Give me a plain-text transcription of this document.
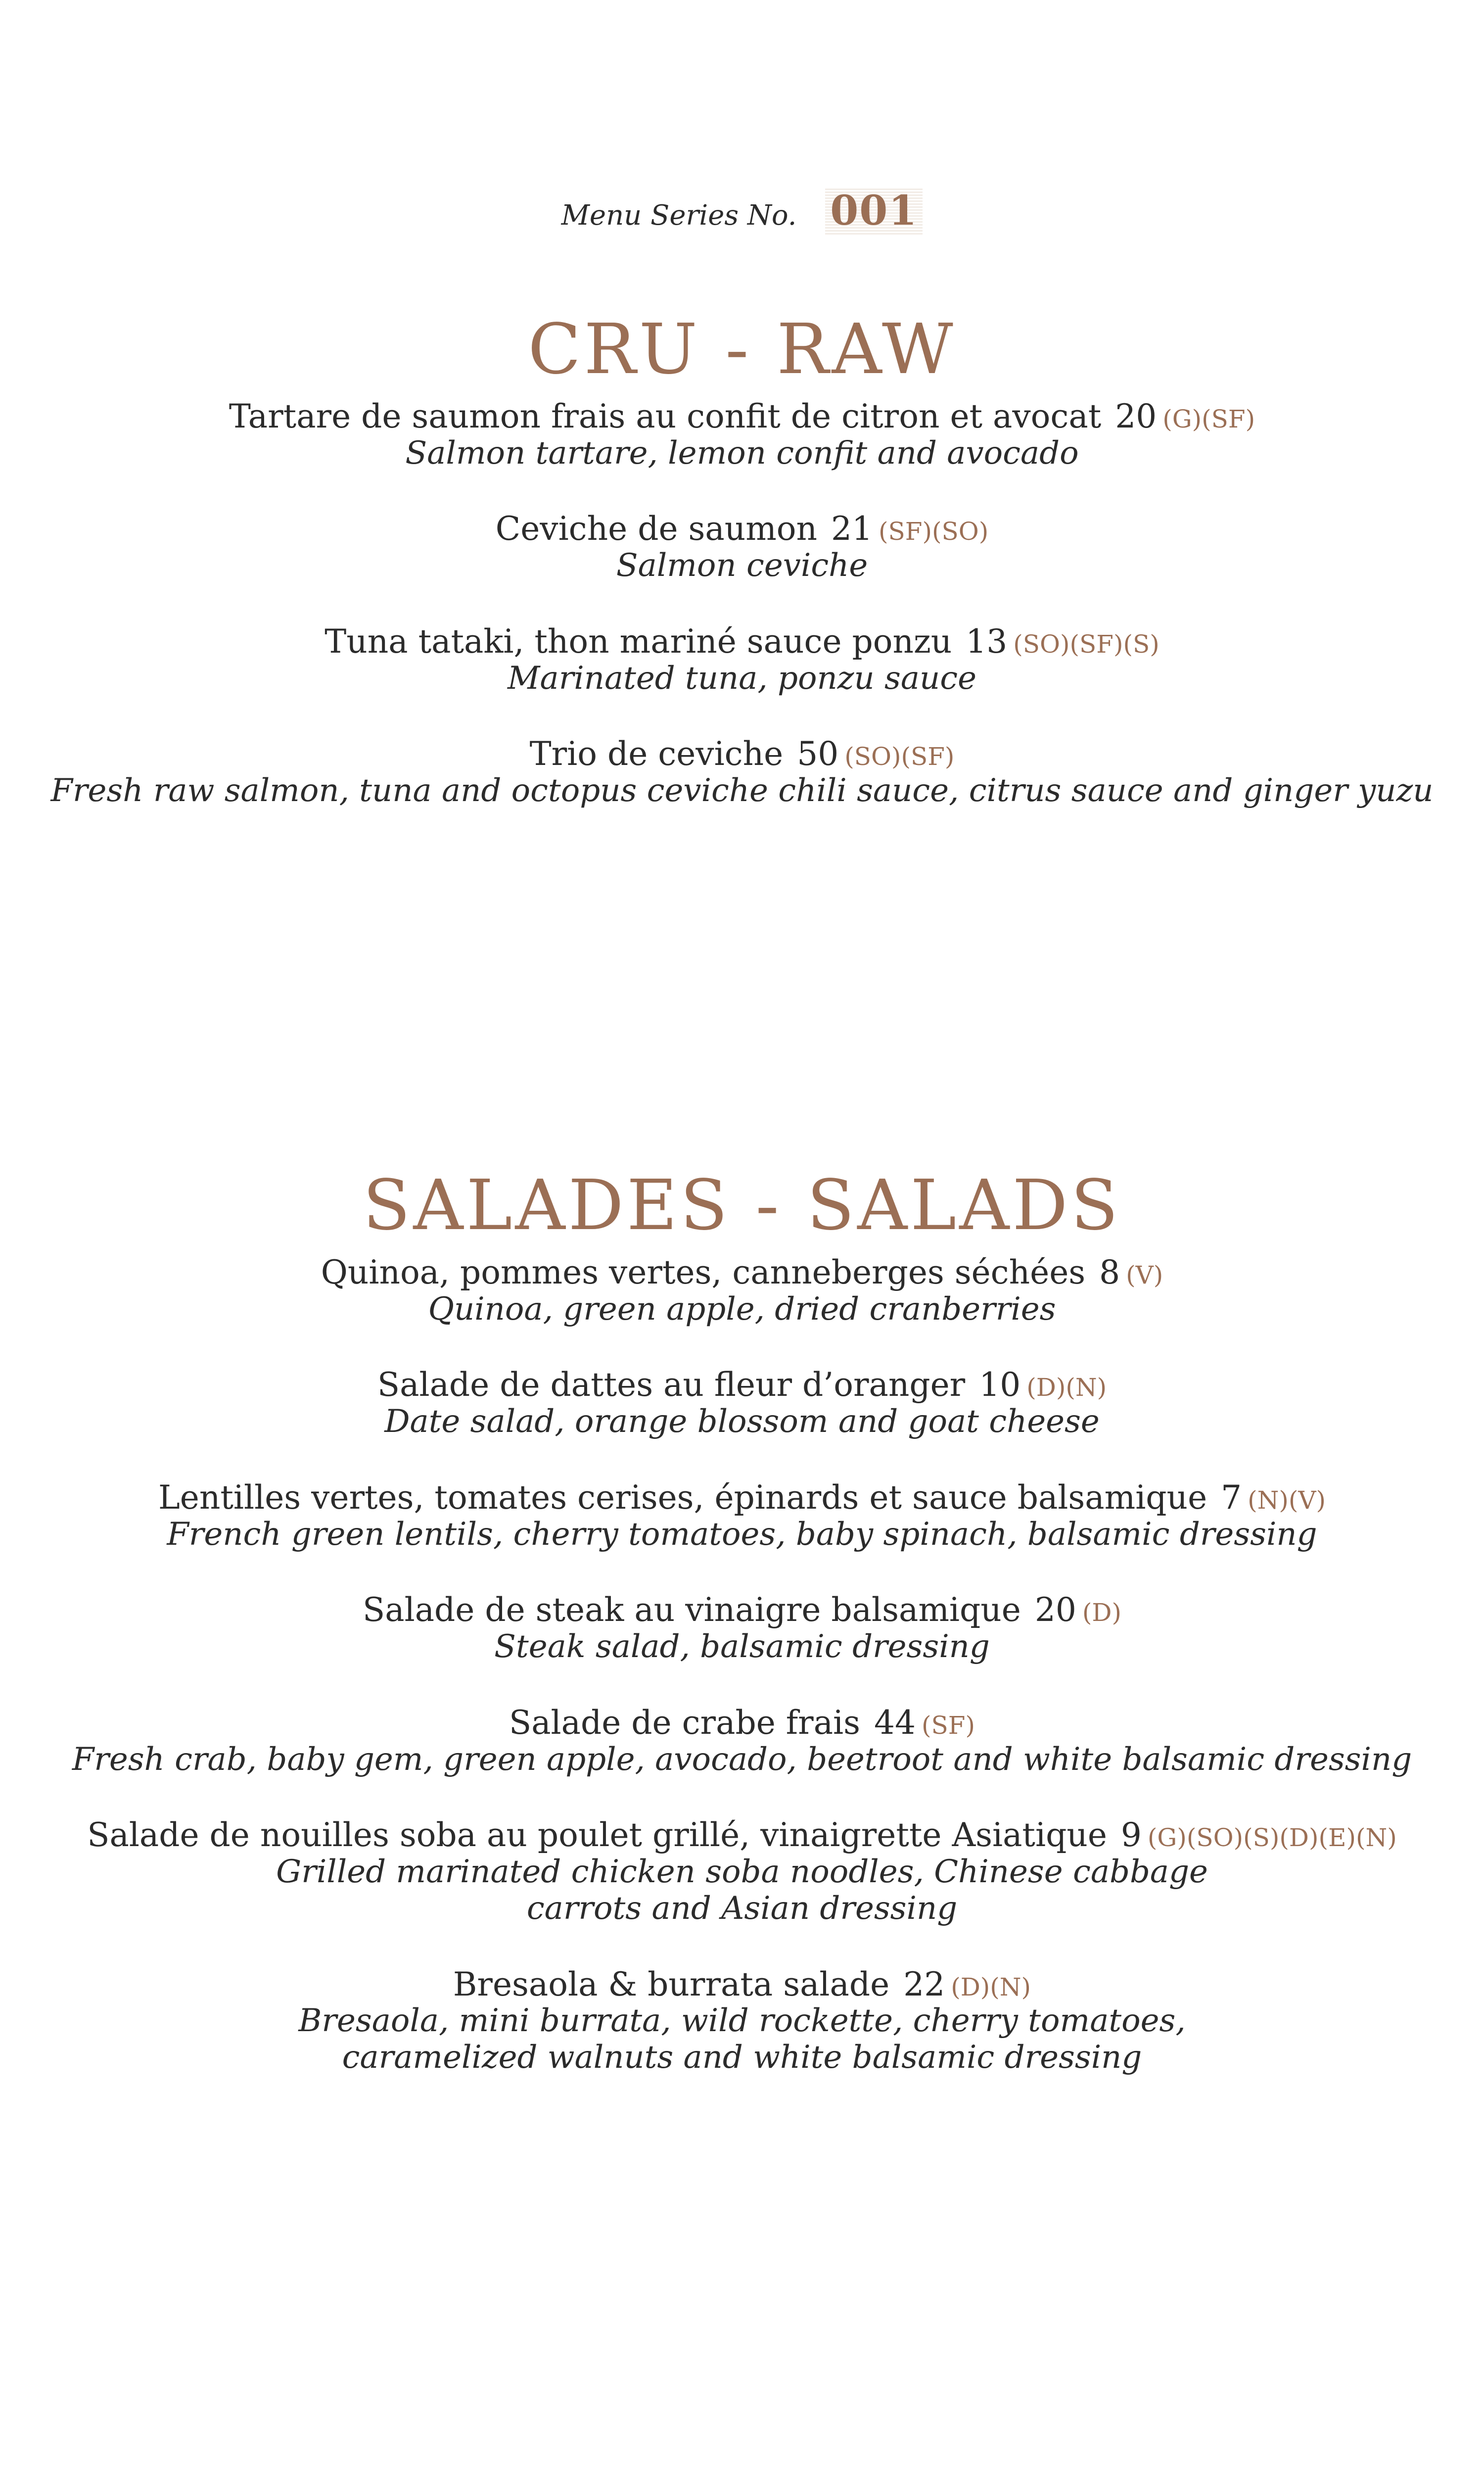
Menu Series No. 001
CRU - RAW
Tartare de saumon frais au confit de citron et avocat 20 (G)(SF)
Salmon tartare, lemon confit and avocado
Ceviche de saumon 21 (SF)(SO)
Salmon ceviche
Tuna tataki, thon mariné sauce ponzu 13 (SO)(SF)(S)
Marinated tuna, ponzu sauce
Trio de ceviche 50 (SO)(SF)
Fresh raw salmon, tuna and octopus ceviche chili sauce, citrus sauce and ginger yuzu
SALADES - SALADS
Quinoa, pommes vertes, canneberges séchées 8 (V)
Quinoa, green apple, dried cranberries
Salade de dattes au fleur d’oranger 10 (D)(N)
Date salad, orange blossom and goat cheese
Lentilles vertes, tomates cerises, épinards et sauce balsamique 7 (N)(V)
French green lentils, cherry tomatoes, baby spinach, balsamic dressing
Salade de steak au vinaigre balsamique 20 (D)
Steak salad, balsamic dressing
Salade de crabe frais 44 (SF)
Fresh crab, baby gem, green apple, avocado, beetroot and white balsamic dressing
Salade de nouilles soba au poulet grillé, vinaigrette Asiatique 9 (G)(SO)(S)(D)(E)(N)
Grilled marinated chicken soba noodles, Chinese cabbage
carrots and Asian dressing
Bresaola & burrata salade 22 (D)(N)
Bresaola, mini burrata, wild rockette, cherry tomatoes,
caramelized walnuts and white balsamic dressing
